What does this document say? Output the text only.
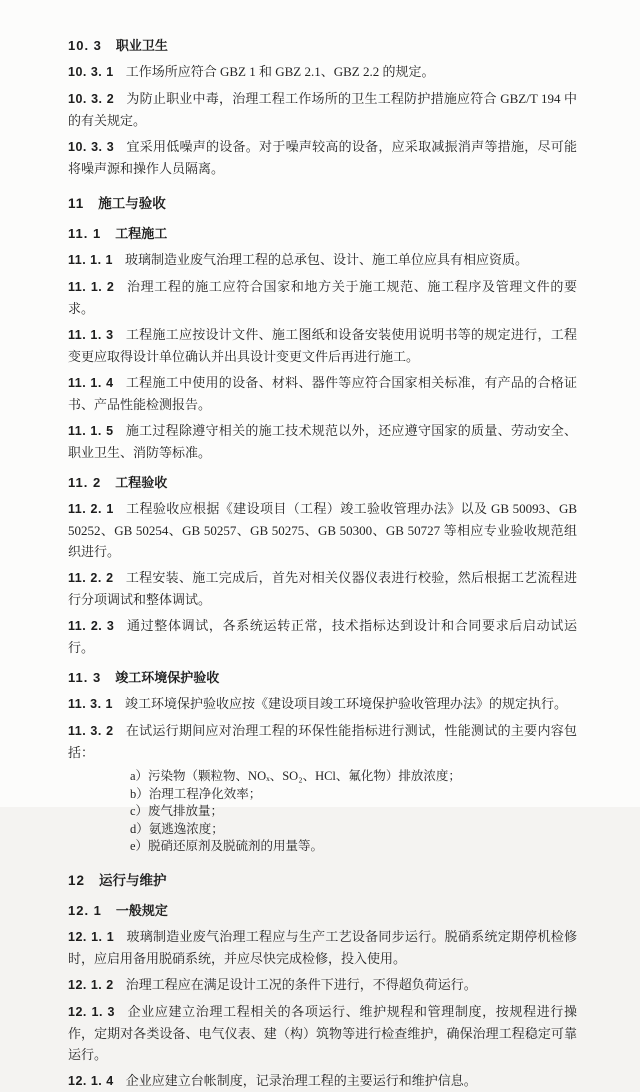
10. 3 职业卫生

10. 3. 1 工作场所应符合 GBZ 1 和 GBZ 2.1、GBZ 2.2 的规定。

10. 3. 2 为防止职业中毒，治理工程工作场所的卫生工程防护措施应符合 GBZ/T 194 中的有关规定。

10. 3. 3 宜采用低噪声的设备。对于噪声较高的设备，应采取减振消声等措施，尽可能将噪声源和操作人员隔离。

11 施工与验收

11. 1 工程施工

11. 1. 1 玻璃制造业废气治理工程的总承包、设计、施工单位应具有相应资质。

11. 1. 2 治理工程的施工应符合国家和地方关于施工规范、施工程序及管理文件的要求。

11. 1. 3 工程施工应按设计文件、施工图纸和设备安装使用说明书等的规定进行，工程变更应取得设计单位确认并出具设计变更文件后再进行施工。

11. 1. 4 工程施工中使用的设备、材料、器件等应符合国家相关标准，有产品的合格证书、产品性能检测报告。

11. 1. 5 施工过程除遵守相关的施工技术规范以外，还应遵守国家的质量、劳动安全、职业卫生、消防等标准。

11. 2 工程验收

11. 2. 1 工程验收应根据《建设项目（工程）竣工验收管理办法》以及 GB 50093、GB 50252、GB 50254、GB 50257、GB 50275、GB 50300、GB 50727 等相应专业验收规范组织进行。

11. 2. 2 工程安装、施工完成后，首先对相关仪器仪表进行校验，然后根据工艺流程进行分项调试和整体调试。

11. 2. 3 通过整体调试，各系统运转正常，技术指标达到设计和合同要求后启动试运行。

11. 3 竣工环境保护验收

11. 3. 1 竣工环境保护验收应按《建设项目竣工环境保护验收管理办法》的规定执行。

11. 3. 2 在试运行期间应对治理工程的环保性能指标进行测试，性能测试的主要内容包括：

a）污染物（颗粒物、NOₓ、SO₂、HCl、氟化物）排放浓度；
b）治理工程净化效率；
c）废气排放量；
d）氨逃逸浓度；
e）脱硝还原剂及脱硫剂的用量等。

12 运行与维护

12. 1 一般规定

12. 1. 1 玻璃制造业废气治理工程应与生产工艺设备同步运行。脱硝系统定期停机检修时，应启用备用脱硝系统，并应尽快完成检修，投入使用。

12. 1. 2 治理工程应在满足设计工况的条件下进行，不得超负荷运行。

12. 1. 3 企业应建立治理工程相关的各项运行、维护规程和管理制度，按规程进行操作，定期对各类设备、电气仪表、建（构）筑物等进行检查维护，确保治理工程稳定可靠运行。

12. 1. 4 企业应建立台帐制度，记录治理工程的主要运行和维护信息。
